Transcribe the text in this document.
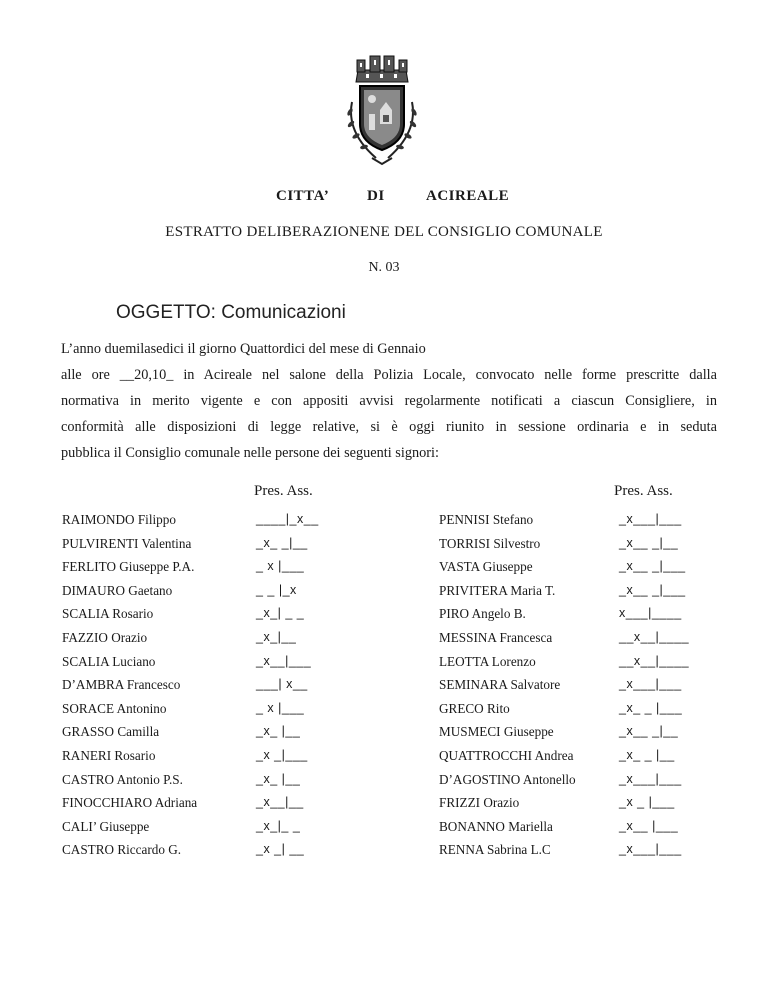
CITTA’	DI	ACIREALE
ESTRATTO DELIBERAZIONENE DEL CONSIGLIO COMUNALE
N. 03
OGGETTO: Comunicazioni
L’anno duemilasedici il giorno Quattordici del mese di Gennaio
alle ore __20,10_ in Acireale nel salone della Polizia Locale, convocato nelle forme prescritte dalla
normativa in merito vigente e con appositi avvisi regolarmente notificati a ciascun Consigliere, in
conformità alle disposizioni di legge relative, si è oggi riunito in sessione ordinaria e in seduta
pubblica il Consiglio comunale nelle persone dei seguenti signori:
Pres. Ass.	Pres. Ass.
RAIMONDO Filippo	____|_x__
PULVIRENTI Valentina	_x_ _|__
FERLITO Giuseppe P.A.	_ x |___
DIMAURO Gaetano	_ _ |_x
SCALIA Rosario	_x_| _ _
FAZZIO Orazio	_x_|__
SCALIA Luciano	_x__|___
D’AMBRA Francesco	___| x__
SORACE Antonino	_ x |___
GRASSO Camilla	_x_ |__
RANERI Rosario	_x _|___
CASTRO Antonio P.S.	_x_ |__
FINOCCHIARO Adriana	_x__|__
CALI’ Giuseppe	_x_|_ _
CASTRO Riccardo G.	_x _| __
PENNISI Stefano	_x___|___
TORRISI Silvestro	_x__ _|__
VASTA Giuseppe	_x__ _|___
PRIVITERA Maria T.	_x__ _|___
PIRO Angelo B.	x___|____
MESSINA Francesca	__x__|____
LEOTTA Lorenzo	__x__|____
SEMINARA Salvatore	_x___|___
GRECO Rito	_x_ _ |___
MUSMECI Giuseppe	_x__ _|__
QUATTROCCHI Andrea	_x_ _ |__
D’AGOSTINO Antonello	_x___|___
FRIZZI Orazio	_x _ |___
BONANNO Mariella	_x__ |___
RENNA Sabrina L.C	_x___|___
